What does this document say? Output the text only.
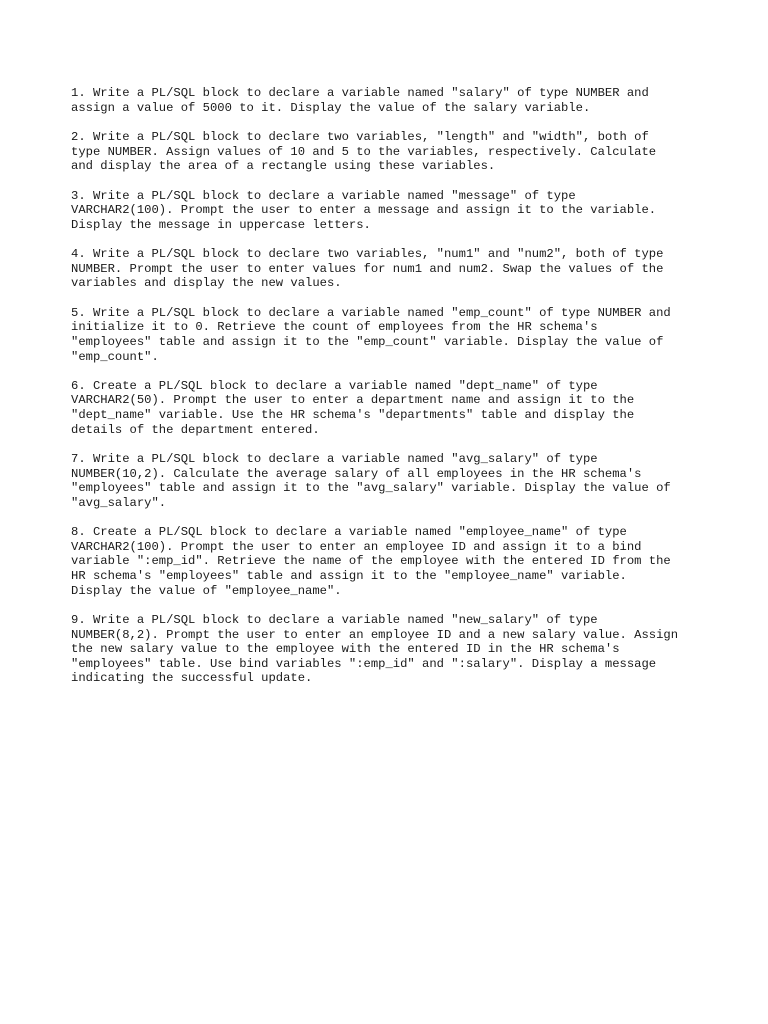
1. Write a PL/SQL block to declare a variable named "salary" of type NUMBER and
assign a value of 5000 to it. Display the value of the salary variable.

2. Write a PL/SQL block to declare two variables, "length" and "width", both of
type NUMBER. Assign values of 10 and 5 to the variables, respectively. Calculate
and display the area of a rectangle using these variables.

3. Write a PL/SQL block to declare a variable named "message" of type
VARCHAR2(100). Prompt the user to enter a message and assign it to the variable.
Display the message in uppercase letters.

4. Write a PL/SQL block to declare two variables, "num1" and "num2", both of type
NUMBER. Prompt the user to enter values for num1 and num2. Swap the values of the
variables and display the new values.

5. Write a PL/SQL block to declare a variable named "emp_count" of type NUMBER and
initialize it to 0. Retrieve the count of employees from the HR schema's
"employees" table and assign it to the "emp_count" variable. Display the value of
"emp_count".

6. Create a PL/SQL block to declare a variable named "dept_name" of type
VARCHAR2(50). Prompt the user to enter a department name and assign it to the
"dept_name" variable. Use the HR schema's "departments" table and display the
details of the department entered.

7. Write a PL/SQL block to declare a variable named "avg_salary" of type
NUMBER(10,2). Calculate the average salary of all employees in the HR schema's
"employees" table and assign it to the "avg_salary" variable. Display the value of
"avg_salary".

8. Create a PL/SQL block to declare a variable named "employee_name" of type
VARCHAR2(100). Prompt the user to enter an employee ID and assign it to a bind
variable ":emp_id". Retrieve the name of the employee with the entered ID from the
HR schema's "employees" table and assign it to the "employee_name" variable.
Display the value of "employee_name".

9. Write a PL/SQL block to declare a variable named "new_salary" of type
NUMBER(8,2). Prompt the user to enter an employee ID and a new salary value. Assign
the new salary value to the employee with the entered ID in the HR schema's
"employees" table. Use bind variables ":emp_id" and ":salary". Display a message
indicating the successful update.
